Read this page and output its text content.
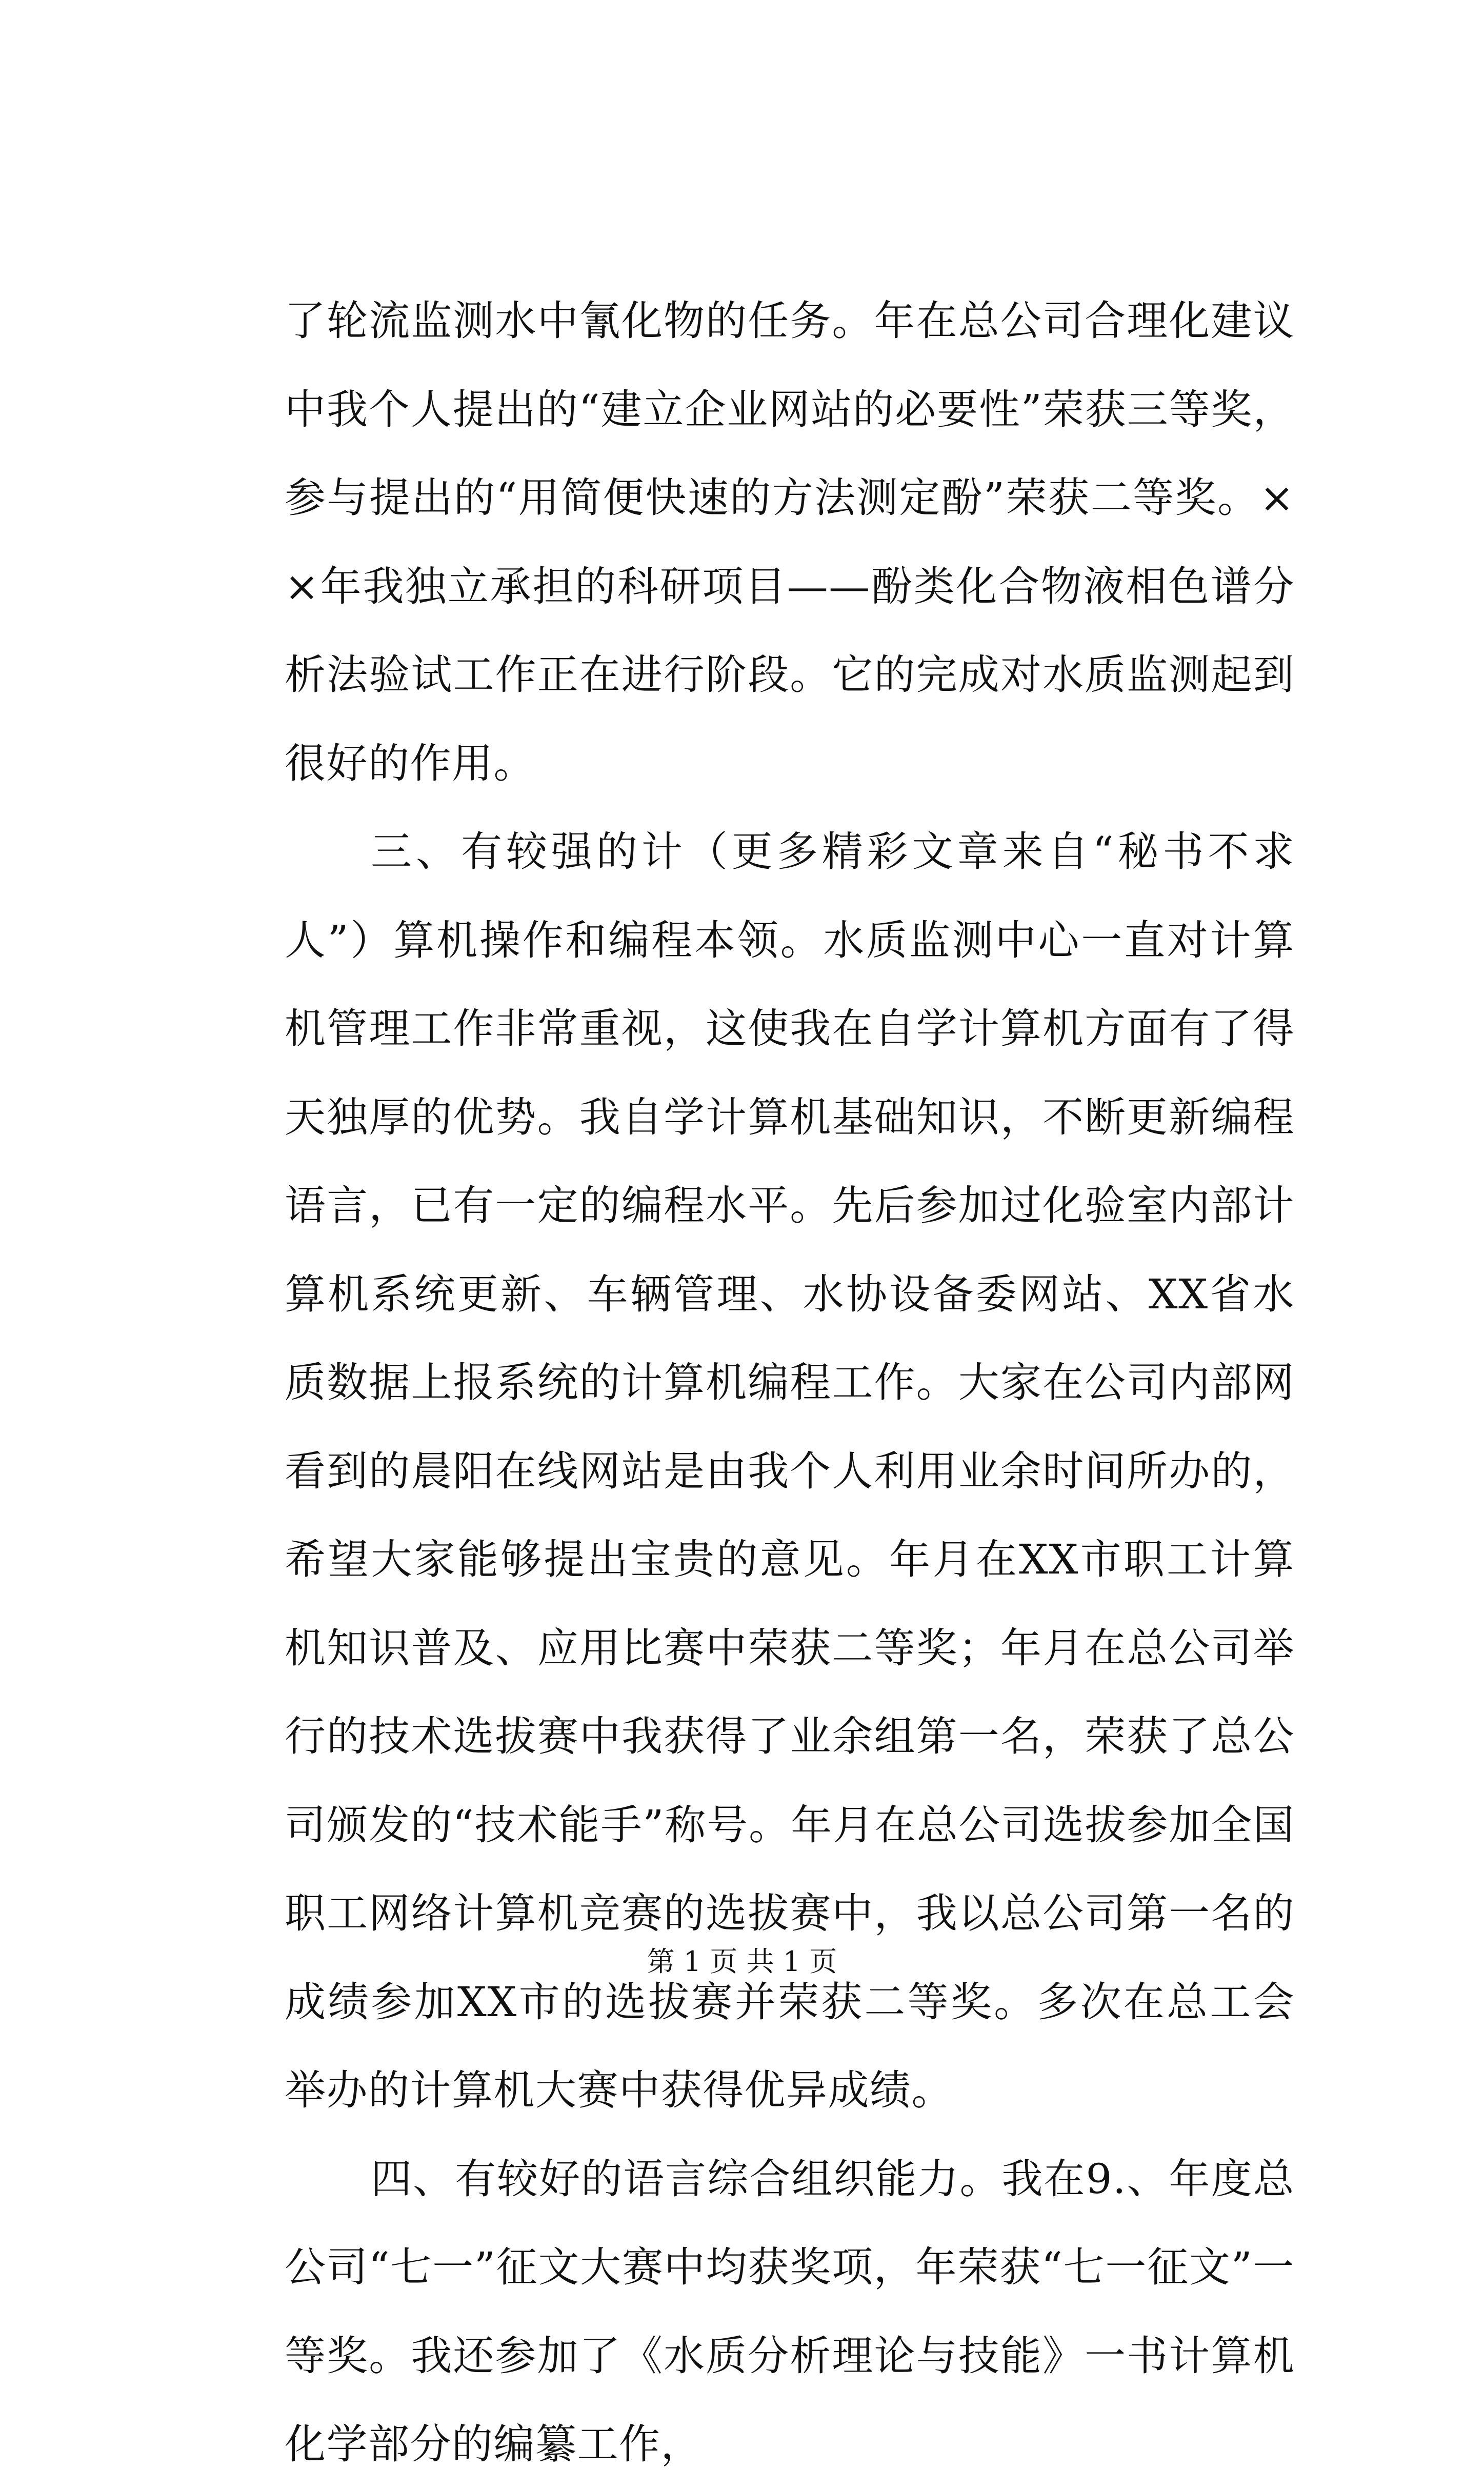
了轮流监测水中氰化物的任务。年在总公司合理化建议中我个人提出的“建立企业网站的必要性”荣获三等奖，参与提出的“用简便快速的方法测定酚”荣获二等奖。××年我独立承担的科研项目——酚类化合物液相色谱分析法验试工作正在进行阶段。它的完成对水质监测起到很好的作用。

三、有较强的计（更多精彩文章来自“秘书不求人”）算机操作和编程本领。水质监测中心一直对计算机管理工作非常重视，这使我在自学计算机方面有了得天独厚的优势。我自学计算机基础知识，不断更新编程语言，已有一定的编程水平。先后参加过化验室内部计算机系统更新、车辆管理、水协设备委网站、XX省水质数据上报系统的计算机编程工作。大家在公司内部网看到的晨阳在线网站是由我个人利用业余时间所办的，希望大家能够提出宝贵的意见。年月在XX市职工计算机知识普及、应用比赛中荣获二等奖；年月在总公司举行的技术选拔赛中我获得了业余组第一名，荣获了总公司颁发的“技术能手”称号。年月在总公司选拔参加全国职工网络计算机竞赛的选拔赛中，我以总公司第一名的成绩参加XX市的选拔赛并荣获二等奖。多次在总工会举办的计算机大赛中获得优异成绩。

四、有较好的语言综合组织能力。我在9.、年度总公司“七一”征文大赛中均获奖项，年荣获“七一征文”一等奖。我还参加了《水质分析理论与技能》一书计算机化学部分的编纂工作，

第 1 页 共 1 页
